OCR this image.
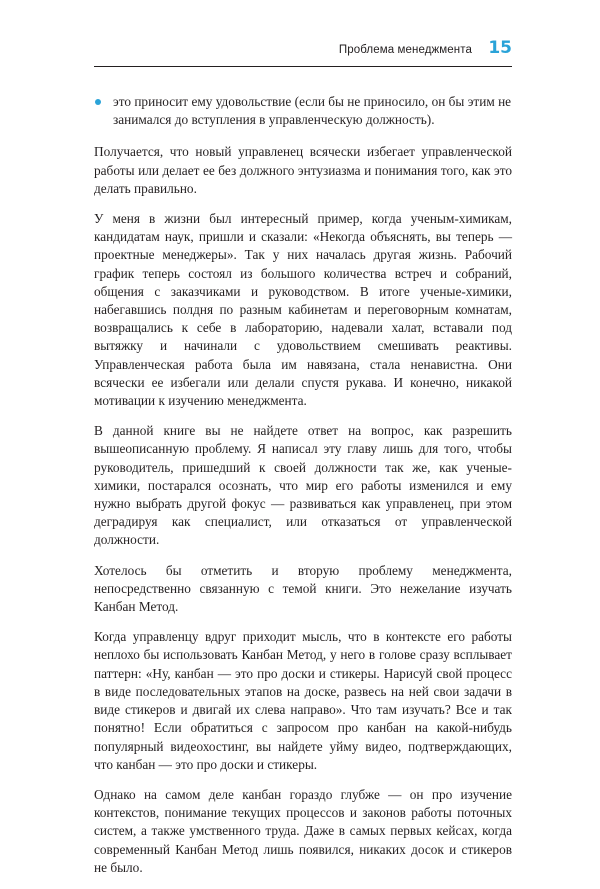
Проблема менеджмента 15
это приносит ему удовольствие (если бы не приносило, он бы этим не занимался до вступления в управленческую должность).

Получается, что новый управленец всячески избегает управленческой работы или делает ее без должного энтузиазма и понимания того, как это делать правильно.

У меня в жизни был интересный пример, когда ученым-химикам, кандидатам наук, пришли и сказали: «Некогда объяснять, вы теперь — проектные менеджеры». Так у них началась другая жизнь. Рабочий график теперь состоял из большого количества встреч и собраний, общения с заказчиками и руководством. В итоге ученые-химики, набегавшись полдня по разным кабинетам и переговорным комнатам, возвращались к себе в лабораторию, надевали халат, вставали под вытяжку и начинали с удовольствием смешивать реактивы. Управленческая работа была им навязана, стала ненавистна. Они всячески ее избегали или делали спустя рукава. И конечно, никакой мотивации к изучению менеджмента.

В данной книге вы не найдете ответ на вопрос, как разрешить вышеописанную проблему. Я написал эту главу лишь для того, чтобы руководитель, пришедший к своей должности так же, как ученые-химики, постарался осознать, что мир его работы изменился и ему нужно выбрать другой фокус — развиваться как управленец, при этом деградируя как специалист, или отказаться от управленческой должности.

Хотелось бы отметить и вторую проблему менеджмента, непосредственно связанную с темой книги. Это нежелание изучать Канбан Метод.

Когда управленцу вдруг приходит мысль, что в контексте его работы неплохо бы использовать Канбан Метод, у него в голове сразу всплывает паттерн: «Ну, канбан — это про доски и стикеры. Нарисуй свой процесс в виде последовательных этапов на доске, развесь на ней свои задачи в виде стикеров и двигай их слева направо». Что там изучать? Все и так понятно! Если обратиться с запросом про канбан на какой-нибудь популярный видеохостинг, вы найдете уйму видео, подтверждающих, что канбан — это про доски и стикеры.

Однако на самом деле канбан гораздо глубже — он про изучение контекстов, понимание текущих процессов и законов работы поточных систем, а также умственного труда. Даже в самых первых кейсах, когда современный Канбан Метод лишь появился, никаких досок и стикеров не было.
